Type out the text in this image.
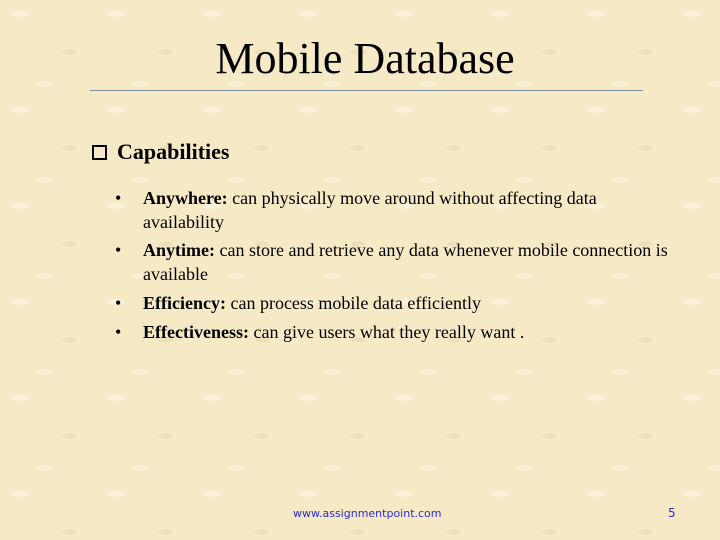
Mobile Database
Capabilities
•	Anywhere: can physically move around without affecting data availability
•	Anytime: can store and retrieve any data whenever mobile connection is available
•	Efficiency: can process mobile data efficiently
•	Effectiveness: can give users what they really want .
www.assignmentpoint.com	5
